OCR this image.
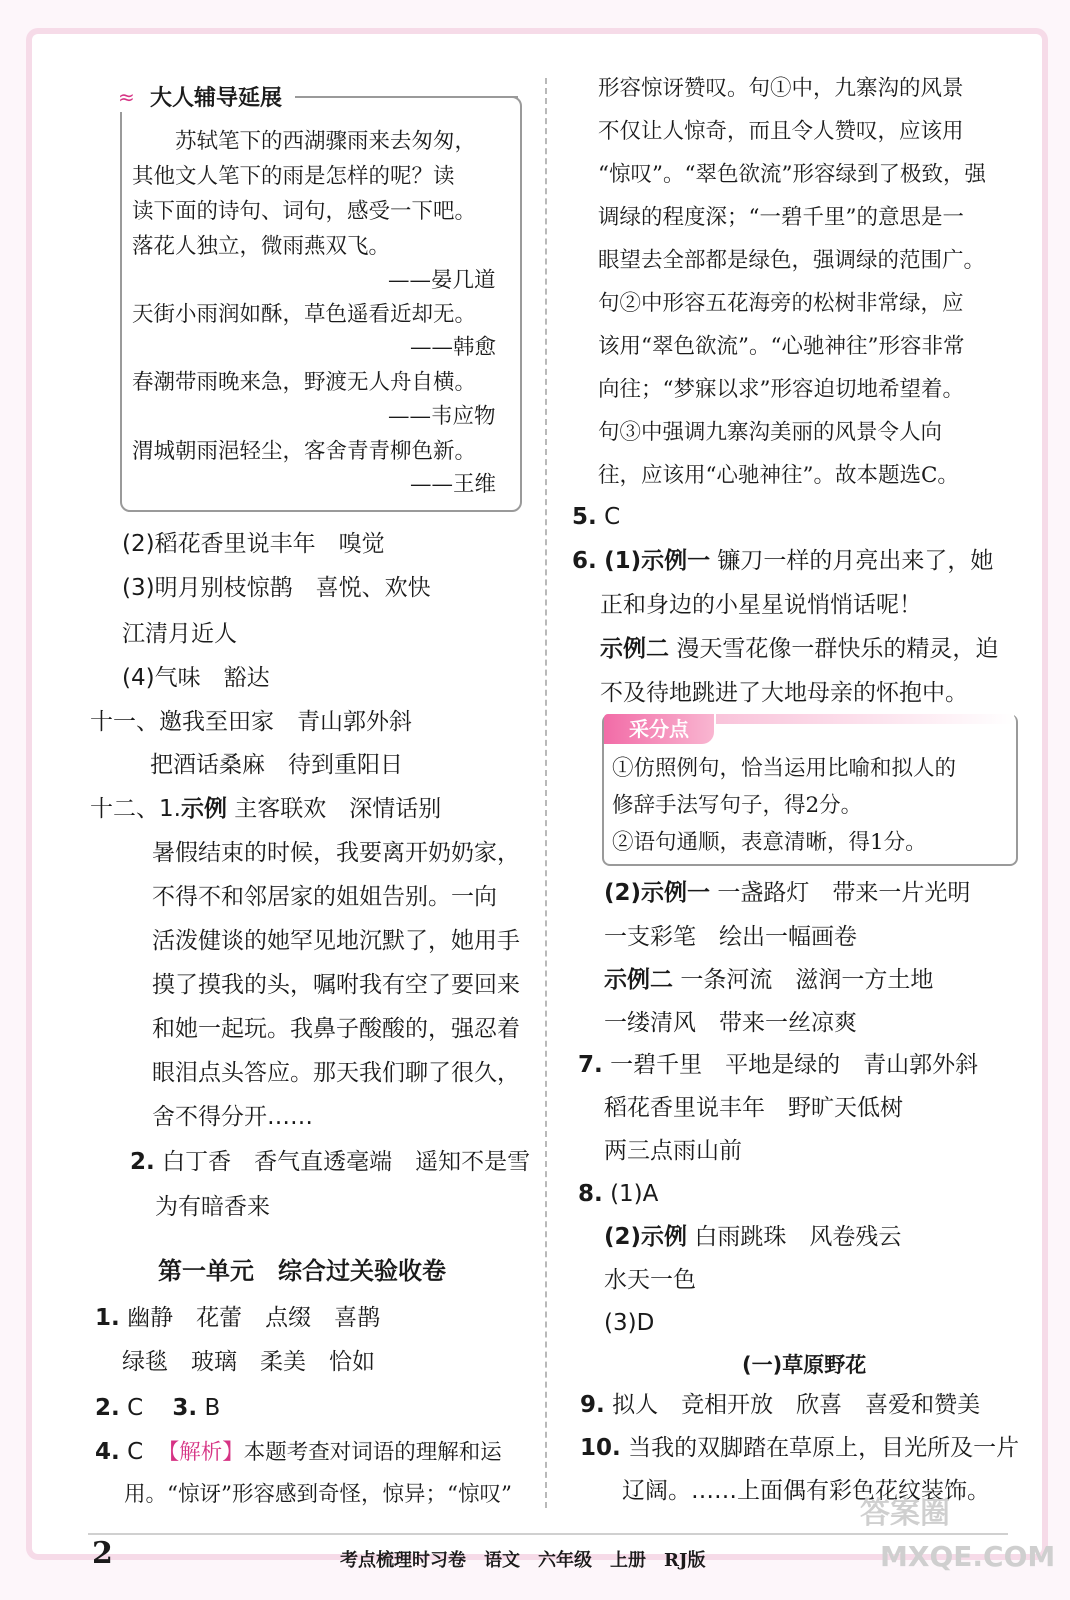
≈ 大人辅导延展
苏轼笔下的西湖骤雨来去匆匆，
其他文人笔下的雨是怎样的呢？读
读下面的诗句、词句，感受一下吧。
落花人独立，微雨燕双飞。
——晏几道
天街小雨润如酥，草色遥看近却无。
——韩愈
春潮带雨晚来急，野渡无人舟自横。
——韦应物
渭城朝雨浥轻尘，客舍青青柳色新。
——王维
(2)稻花香里说丰年　嗅觉
(3)明月别枝惊鹊　喜悦、欢快
江清月近人
(4)气味　豁达
十一、邀我至田家　青山郭外斜
把酒话桑麻　待到重阳日
十二、1.示例 主客联欢　深情话别
暑假结束的时候，我要离开奶奶家，
不得不和邻居家的姐姐告别。一向
活泼健谈的她罕见地沉默了，她用手
摸了摸我的头，嘱咐我有空了要回来
和她一起玩。我鼻子酸酸的，强忍着
眼泪点头答应。那天我们聊了很久，
舍不得分开……
2. 白丁香　香气直透毫端　遥知不是雪
为有暗香来
第一单元　综合过关验收卷
1. 幽静　花蕾　点缀　喜鹊
绿毯　玻璃　柔美　恰如
2. C 3. B
4. C 【解析】本题考查对词语的理解和运
用。“惊讶”形容感到奇怪，惊异；“惊叹”
形容惊讶赞叹。句①中，九寨沟的风景
不仅让人惊奇，而且令人赞叹，应该用
“惊叹”。“翠色欲流”形容绿到了极致，强
调绿的程度深；“一碧千里”的意思是一
眼望去全部都是绿色，强调绿的范围广。
句②中形容五花海旁的松树非常绿，应
该用“翠色欲流”。“心驰神往”形容非常
向往；“梦寐以求”形容迫切地希望着。
句③中强调九寨沟美丽的风景令人向
往，应该用“心驰神往”。故本题选C。
5. C
6. (1)示例一 镰刀一样的月亮出来了，她
正和身边的小星星说悄悄话呢！
示例二 漫天雪花像一群快乐的精灵，迫
不及待地跳进了大地母亲的怀抱中。
采分点
①仿照例句，恰当运用比喻和拟人的
修辞手法写句子，得2分。
②语句通顺，表意清晰，得1分。
(2)示例一 一盏路灯　带来一片光明
一支彩笔　绘出一幅画卷
示例二 一条河流　滋润一方土地
一缕清风　带来一丝凉爽
7. 一碧千里　平地是绿的　青山郭外斜
稻花香里说丰年　野旷天低树
两三点雨山前
8. (1)A
(2)示例 白雨跳珠　风卷残云
水天一色
(3)D
(一)草原野花
9. 拟人　竞相开放　欣喜　喜爱和赞美
10. 当我的双脚踏在草原上，目光所及一片
辽阔。……上面偶有彩色花纹装饰。
2	考点梳理时习卷　语文　六年级　上册　RJ版
答案圈
MXQE.COM
